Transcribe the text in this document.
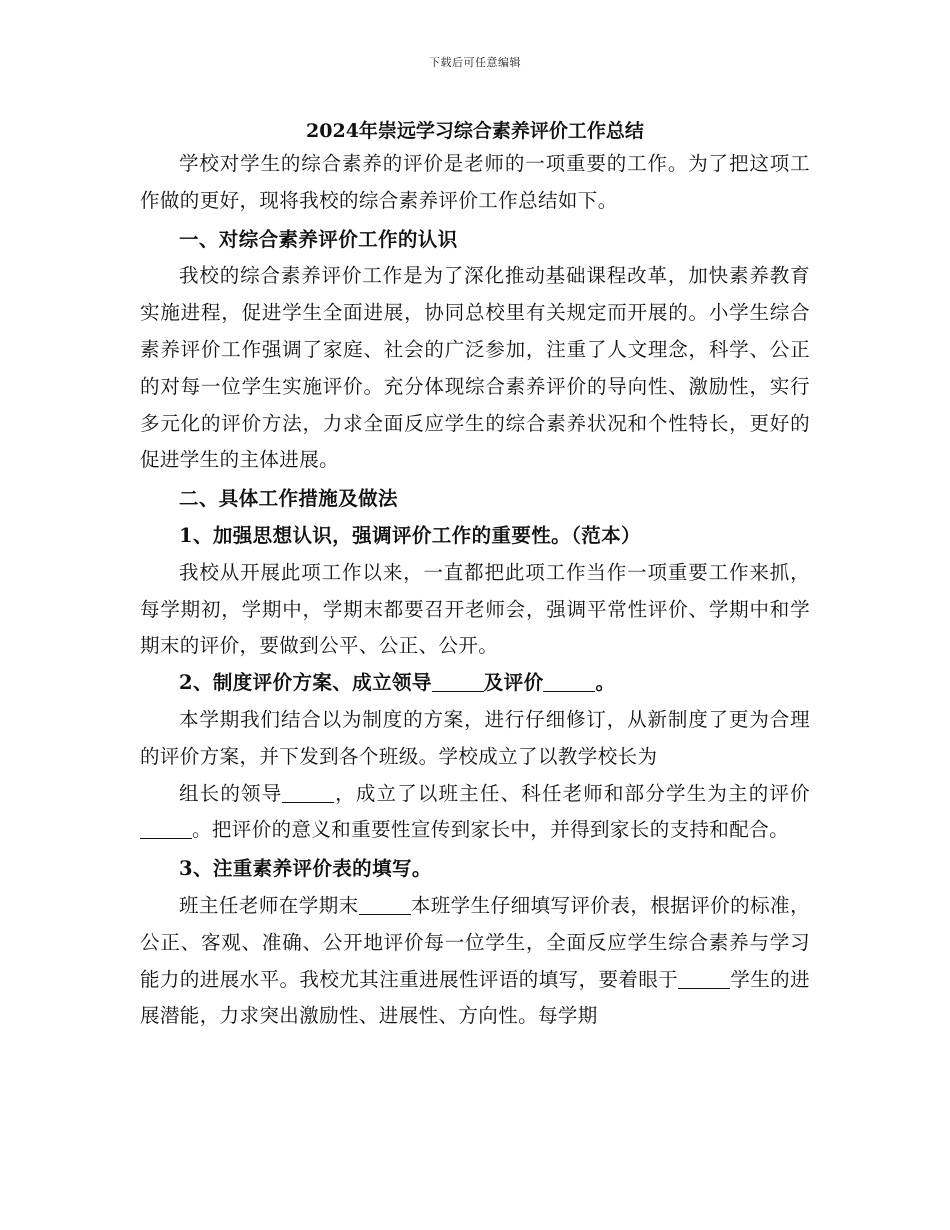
下载后可任意编辑
2024年崇远学习综合素养评价工作总结

学校对学生的综合素养的评价是老师的一项重要的工作。为了把这项工作做的更好，现将我校的综合素养评价工作总结如下。

一、对综合素养评价工作的认识

我校的综合素养评价工作是为了深化推动基础课程改革，加快素养教育实施进程，促进学生全面进展，协同总校里有关规定而开展的。小学生综合素养评价工作强调了家庭、社会的广泛参加，注重了人文理念，科学、公正的对每一位学生实施评价。充分体现综合素养评价的导向性、激励性，实行多元化的评价方法，力求全面反应学生的综合素养状况和个性特长，更好的促进学生的主体进展。

二、具体工作措施及做法

1、加强思想认识，强调评价工作的重要性。（范本）

我校从开展此项工作以来，一直都把此项工作当作一项重要工作来抓，每学期初，学期中，学期末都要召开老师会，强调平常性评价、学期中和学期末的评价，要做到公平、公正、公开。

2、制度评价方案、成立领导	及评价	。

本学期我们结合以为制度的方案，进行仔细修订，从新制度了更为合理的评价方案，并下发到各个班级。学校成立了以教学校长为

组长的领导	，成立了以班主任、科任老师和部分学生为主的评价。把评价的意义和重要性宣传到家长中，并得到家长的支持和配合。

3、注重素养评价表的填写。

班主任老师在学期末	本班学生仔细填写评价表，根据评价的标准，公正、客观、准确、公开地评价每一位学生，全面反应学生综合素养与学习能力的进展水平。我校尤其注重进展性评语的填写，要着眼于	学生的进展潜能，力求突出激励性、进展性、方向性。每学期
